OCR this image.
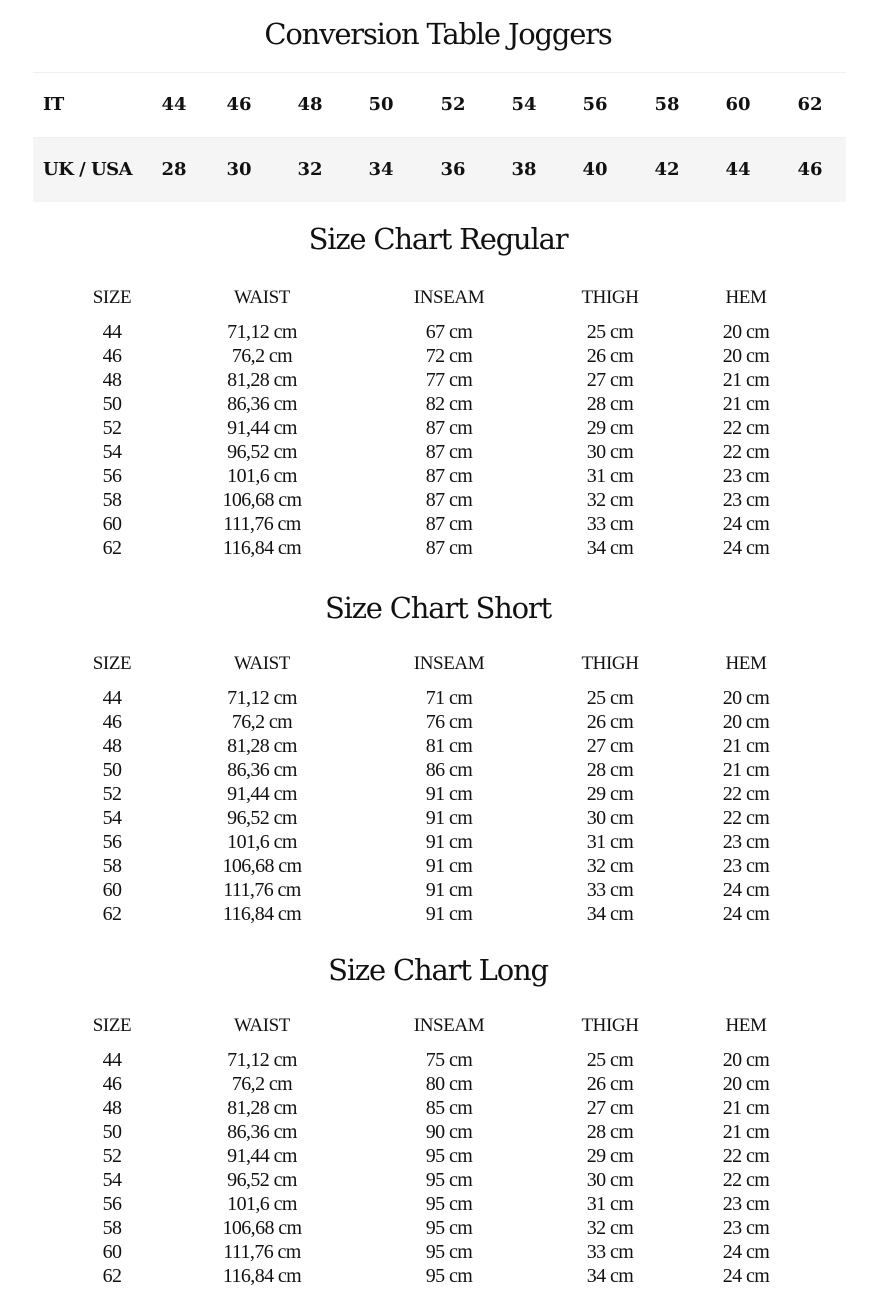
Conversion Table Joggers
IT	44	46	48	50	52	54	56	58	60	62
UK / USA	28	30	32	34	36	38	40	42	44	46
Size Chart Regular
SIZE	WAIST	INSEAM	THIGH	HEM
44	71,12 cm	67 cm	25 cm	20 cm
46	76,2 cm	72 cm	26 cm	20 cm
48	81,28 cm	77 cm	27 cm	21 cm
50	86,36 cm	82 cm	28 cm	21 cm
52	91,44 cm	87 cm	29 cm	22 cm
54	96,52 cm	87 cm	30 cm	22 cm
56	101,6 cm	87 cm	31 cm	23 cm
58	106,68 cm	87 cm	32 cm	23 cm
60	111,76 cm	87 cm	33 cm	24 cm
62	116,84 cm	87 cm	34 cm	24 cm
Size Chart Short
SIZE	WAIST	INSEAM	THIGH	HEM
44	71,12 cm	71 cm	25 cm	20 cm
46	76,2 cm	76 cm	26 cm	20 cm
48	81,28 cm	81 cm	27 cm	21 cm
50	86,36 cm	86 cm	28 cm	21 cm
52	91,44 cm	91 cm	29 cm	22 cm
54	96,52 cm	91 cm	30 cm	22 cm
56	101,6 cm	91 cm	31 cm	23 cm
58	106,68 cm	91 cm	32 cm	23 cm
60	111,76 cm	91 cm	33 cm	24 cm
62	116,84 cm	91 cm	34 cm	24 cm
Size Chart Long
SIZE	WAIST	INSEAM	THIGH	HEM
44	71,12 cm	75 cm	25 cm	20 cm
46	76,2 cm	80 cm	26 cm	20 cm
48	81,28 cm	85 cm	27 cm	21 cm
50	86,36 cm	90 cm	28 cm	21 cm
52	91,44 cm	95 cm	29 cm	22 cm
54	96,52 cm	95 cm	30 cm	22 cm
56	101,6 cm	95 cm	31 cm	23 cm
58	106,68 cm	95 cm	32 cm	23 cm
60	111,76 cm	95 cm	33 cm	24 cm
62	116,84 cm	95 cm	34 cm	24 cm
